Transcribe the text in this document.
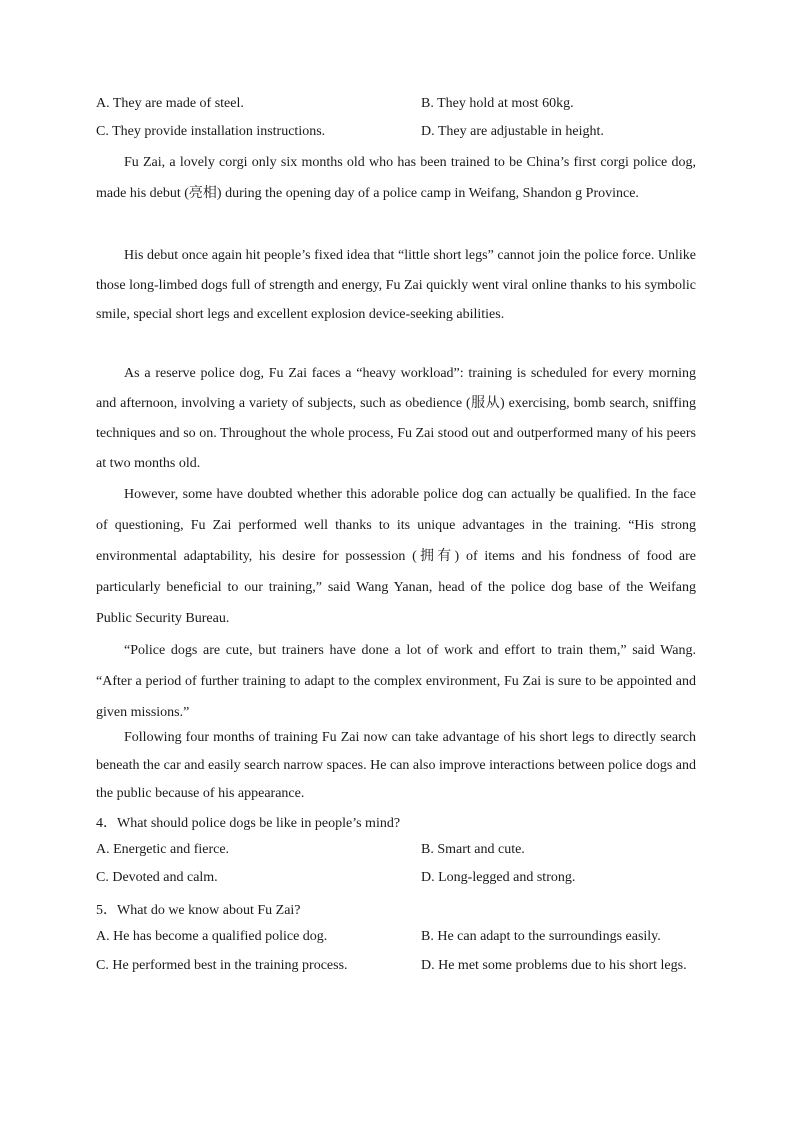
A. They are made of steel.	B. They hold at most 60kg.
C. They provide installation instructions.	D. They are adjustable in height.

Fu Zai, a lovely corgi only six months old who has been trained to be China’s first corgi police dog, made his debut (亮相) during the opening day of a police camp in Weifang, Shandon g Province.

His debut once again hit people’s fixed idea that “little short legs” cannot join the police force. Unlike those long-limbed dogs full of strength and energy, Fu Zai quickly went viral online thanks to his symbolic smile, special short legs and excellent explosion device-seeking abilities.

As a reserve police dog, Fu Zai faces a “heavy workload”: training is scheduled for every morning and afternoon, involving a variety of subjects, such as obedience (服从) exercising, bomb search, sniffing techniques and so on. Throughout the whole process, Fu Zai stood out and outperformed many of his peers at two months old.

However, some have doubted whether this adorable police dog can actually be qualified. In the face of questioning, Fu Zai performed well thanks to its unique advantages in the training. “His strong environmental adaptability, his desire for possession (拥有) of items and his fondness of food are particularly beneficial to our training,” said Wang Yanan, head of the police dog base of the Weifang Public Security Bureau.

“Police dogs are cute, but trainers have done a lot of work and effort to train them,” said Wang. “After a period of further training to adapt to the complex environment, Fu Zai is sure to be appointed and given missions.”

Following four months of training Fu Zai now can take advantage of his short legs to directly search beneath the car and easily search narrow spaces. He can also improve interactions between police dogs and the public because of his appearance.

4．What should police dogs be like in people’s mind?

A. Energetic and fierce.	B. Smart and cute.
C. Devoted and calm.	D. Long-legged and strong.

5．What do we know about Fu Zai?

A. He has become a qualified police dog.	B. He can adapt to the surroundings easily.
C. He performed best in the training process.	D. He met some problems due to his short legs.
